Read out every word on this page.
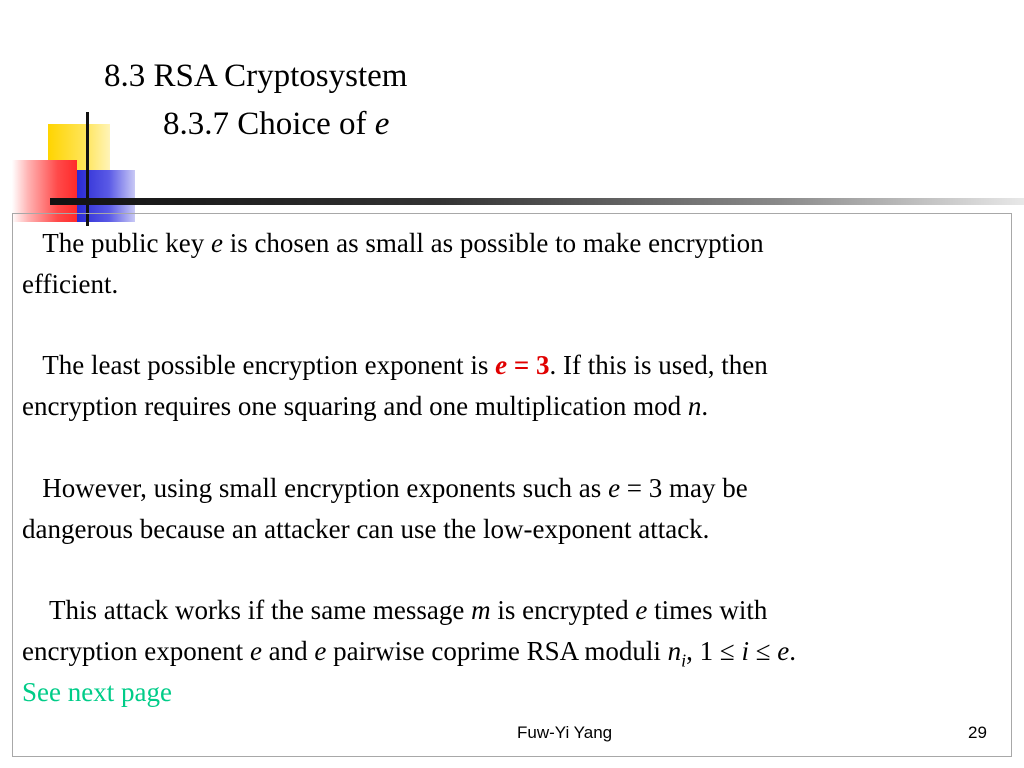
8.3 RSA Cryptosystem
8.3.7 Choice of e
The public key e is chosen as small as possible to make encryption
efficient.
The least possible encryption exponent is e = 3. If this is used, then
encryption requires one squaring and one multiplication mod n.
However, using small encryption exponents such as e = 3 may be
dangerous because an attacker can use the low-exponent attack.
This attack works if the same message m is encrypted e times with
encryption exponent e and e pairwise coprime RSA moduli $n_i$, 1 ≤ i ≤ e.
See next page
Fuw-Yi Yang	29
